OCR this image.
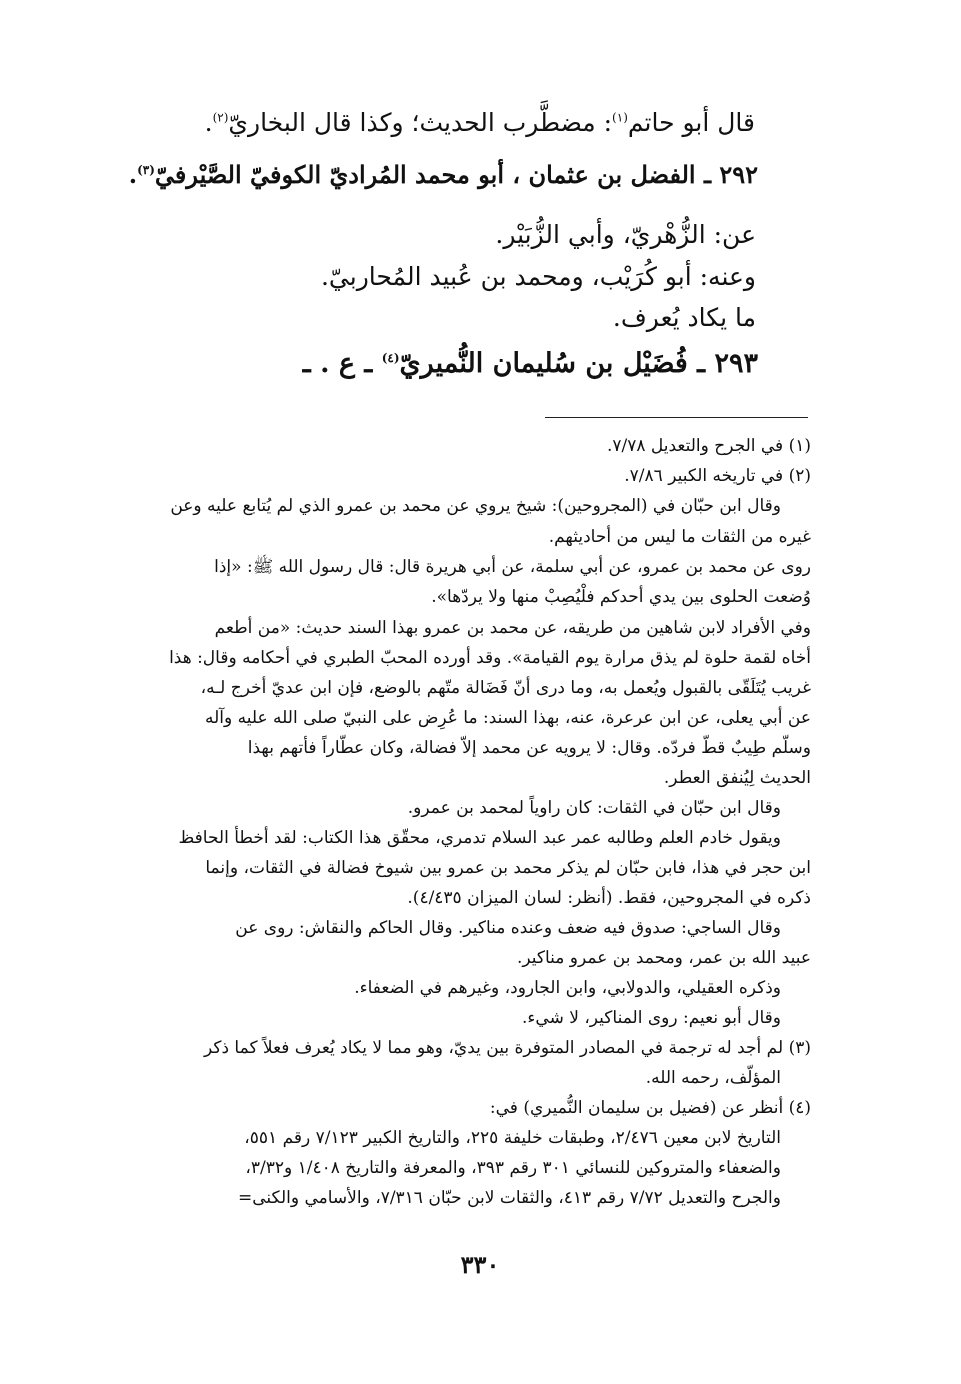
قال أبو حاتم$^{(١)}$: مضطَّرب الحديث؛ وكذا قال البخاريّ$^{(٢)}$.
٢٩٢ ـ الفضل بن عثمان ، أبو محمد المُراديّ الكوفيّ الصَّيْرفيّ$^{(٣)}$.
عن: الزُّهْريّ، وأبي الزُّبَيْر.
وعنه: أبو كُرَيْب، ومحمد بن عُبيد المُحاربيّ.
ما يكاد يُعرف.
٢٩٣ ـ فُضَيْل بن سُليمان النُّميريّ$^{(٤)}$ ـ ع . ـ
(١) في الجرح والتعديل ٧/٧٨.
(٢) في تاريخه الكبير ٧/٨٦.
وقال ابن حبّان في (المجروحين): شيخ يروي عن محمد بن عمرو الذي لم يُتابع عليه وعن
غيره من الثقات ما ليس من أحاديثهم.
روى عن محمد بن عمرو، عن أبي سلمة، عن أبي هريرة قال: قال رسول الله ﷺ: «إذا
وُضعت الحلوى بين يدي أحدكم فلْيُصِبْ منها ولا يردّها».
وفي الأفراد لابن شاهين من طريقه، عن محمد بن عمرو بهذا السند حديث: «من أطعم
أخاه لقمة حلوة لم يذق مرارة يوم القيامة». وقد أورده المحبّ الطبري في أحكامه وقال: هذا
غريب يُتَلَقّى بالقبول ويُعمل به، وما درى أنّ فَضَالة متّهم بالوضع، فإن ابن عديّ أخرج لـه،
عن أبي يعلى، عن ابن عرعرة، عنه، بهذا السند: ما عُرِض على النبيّ صلى الله عليه وآله
وسلّم طِيبٌ قطّ فردّه. وقال: لا يرويه عن محمد إلاّ فضالة، وكان عطّاراً فأتهم بهذا
الحديث لِيُنفق العطر.
وقال ابن حبّان في الثقات: كان راوياً لمحمد بن عمرو.
ويقول خادم العلم وطالبه عمر عبد السلام تدمري، محقّق هذا الكتاب: لقد أخطأ الحافظ
ابن حجر في هذا، فابن حبّان لم يذكر محمد بن عمرو بين شيوخ فضالة في الثقات، وإنما
ذكره في المجروحين، فقط. (أنظر: لسان الميزان ٤/٤٣٥).
وقال الساجي: صدوق فيه ضعف وعنده مناكير. وقال الحاكم والنقاش: روى عن
عبيد الله بن عمر، ومحمد بن عمرو مناكير.
وذكره العقيلي، والدولابي، وابن الجارود، وغيرهم في الضعفاء.
وقال أبو نعيم: روى المناكير، لا شيء.
(٣) لم أجد له ترجمة في المصادر المتوفرة بين يديّ، وهو مما لا يكاد يُعرف فعلاً كما ذكر
المؤلّف، رحمه الله.
(٤) أنظر عن (فضيل بن سليمان النُّميري) في:
التاريخ لابن معين ٢/٤٧٦، وطبقات خليفة ٢٢٥، والتاريخ الكبير ٧/١٢٣ رقم ٥٥١،
والضعفاء والمتروكين للنسائي ٣٠١ رقم ٣٩٣، والمعرفة والتاريخ ١/٤٠٨ و٣/٣٢،
والجرح والتعديل ٧/٧٢ رقم ٤١٣، والثقات لابن حبّان ٧/٣١٦، والأسامي والكنى=
٣٣٠
